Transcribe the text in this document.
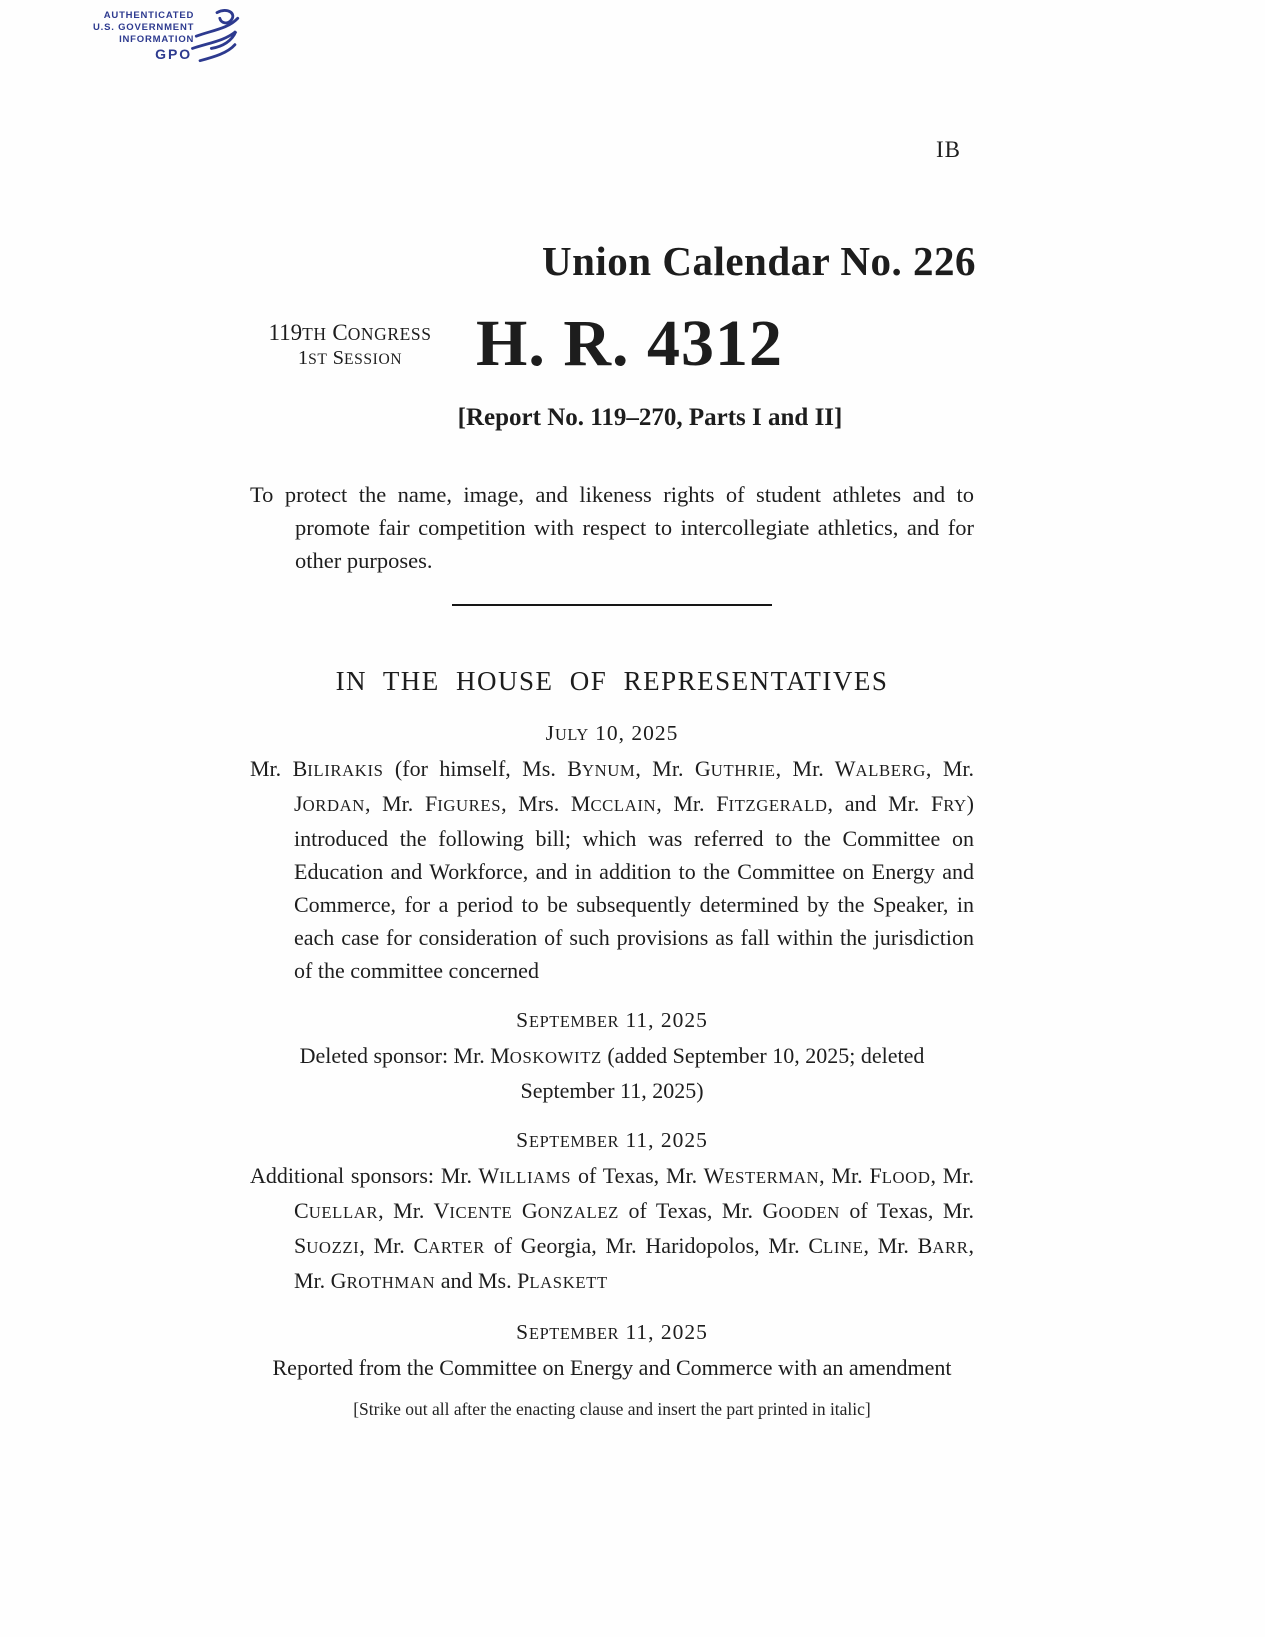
AUTHENTICATED
U.S. GOVERNMENT
INFORMATION
GPO
IB
Union Calendar No. 226
119TH CONGRESS
1ST SESSION	H. R. 4312
[Report No. 119–270, Parts I and II]

To protect the name, image, and likeness rights of student athletes and to promote fair competition with respect to intercollegiate athletics, and for other purposes.

IN THE HOUSE OF REPRESENTATIVES
JULY 10, 2025

Mr. BILIRAKIS (for himself, Ms. BYNUM, Mr. GUTHRIE, Mr. WALBERG, Mr. JORDAN, Mr. FIGURES, Mrs. MCCLAIN, Mr. FITZGERALD, and Mr. FRY) introduced the following bill; which was referred to the Committee on Education and Workforce, and in addition to the Committee on Energy and Commerce, for a period to be subsequently determined by the Speaker, in each case for consideration of such provisions as fall within the jurisdiction of the committee concerned

SEPTEMBER 11, 2025

Deleted sponsor: Mr. MOSKOWITZ (added September 10, 2025; deleted September 11, 2025)

SEPTEMBER 11, 2025

Additional sponsors: Mr. WILLIAMS of Texas, Mr. WESTERMAN, Mr. FLOOD, Mr. CUELLAR, Mr. VICENTE GONZALEZ of Texas, Mr. GOODEN of Texas, Mr. SUOZZI, Mr. CARTER of Georgia, Mr. Haridopolos, Mr. CLINE, Mr. BARR, Mr. GROTHMAN and Ms. PLASKETT

SEPTEMBER 11, 2025

Reported from the Committee on Energy and Commerce with an amendment

[Strike out all after the enacting clause and insert the part printed in italic]
